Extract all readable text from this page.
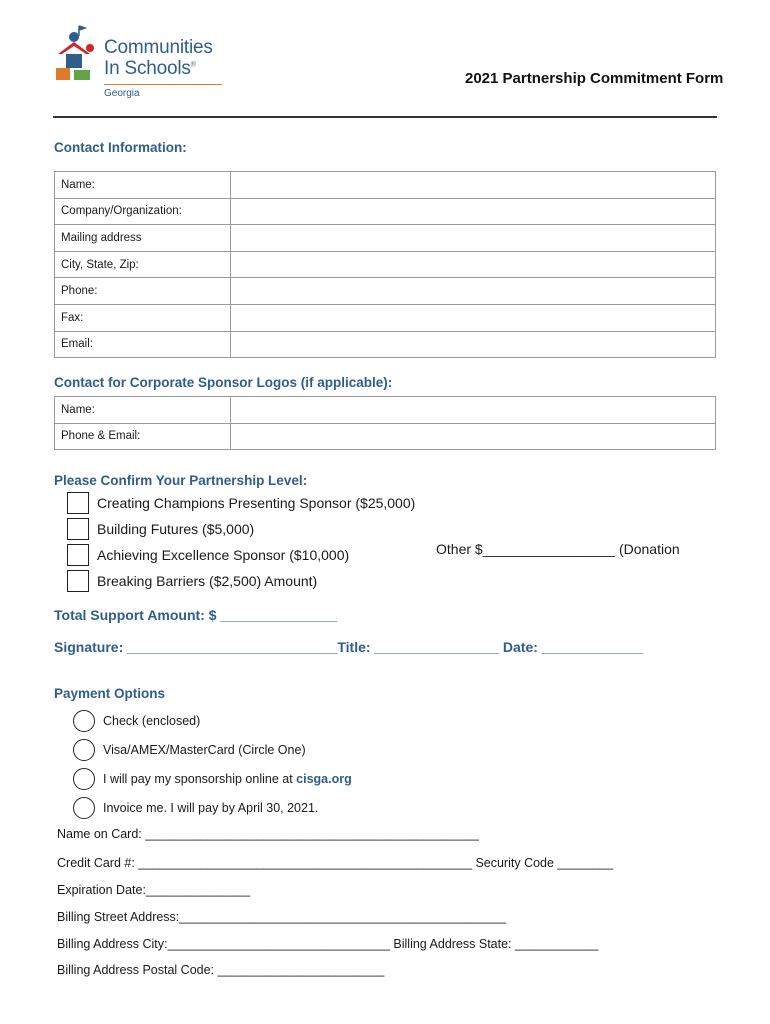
Communities
In Schools®
Georgia
2021 Partnership Commitment Form
Contact Information:
Name:	
Company/Organization:	
Mailing address	
City, State, Zip:	
Phone:	
Fax:	
Email:	
Contact for Corporate Sponsor Logos (if applicable):
Name:	
Phone & Email:	
Please Confirm Your Partnership Level:
Creating Champions Presenting Sponsor ($25,000)
Building Futures ($5,000)
Achieving Excellence Sponsor ($10,000)
Breaking Barriers ($2,500) Amount)
Other $_________________ (Donation
Total Support Amount: $ _______________
Signature: ___________________________Title: ________________ Date: _____________
Payment Options
Check (enclosed)
Visa/AMEX/MasterCard (Circle One)
I will pay my sponsorship online at cisga.org
Invoice me. I will pay by April 30, 2021.
Name on Card: ________________________________________________
Credit Card #: ________________________________________________ Security Code ________
Expiration Date:_______________
Billing Street Address:_______________________________________________
Billing Address City:________________________________ Billing Address State: ____________
Billing Address Postal Code: ________________________
